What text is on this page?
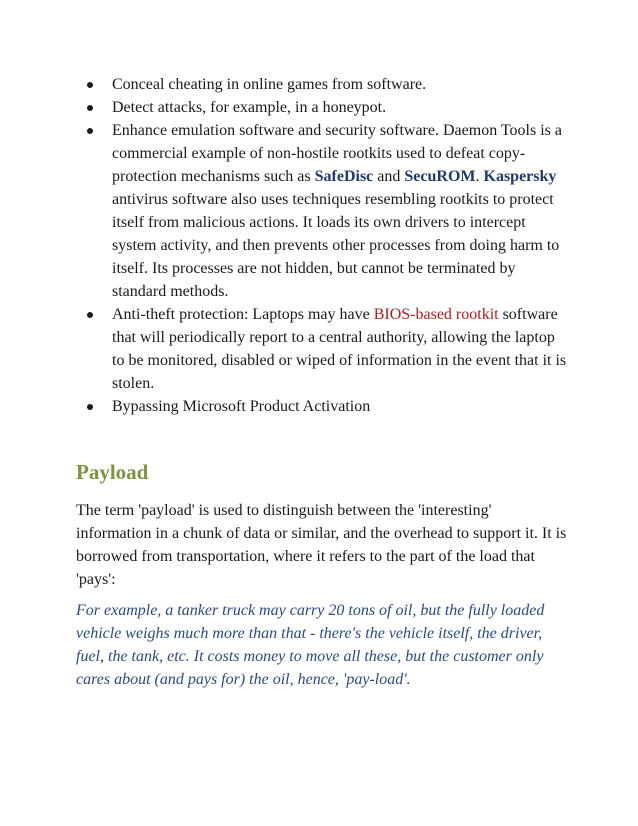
Conceal cheating in online games from software.
Detect attacks, for example, in a honeypot.
Enhance emulation software and security software. Daemon Tools is a commercial example of non-hostile rootkits used to defeat copy-protection mechanisms such as SafeDisc and SecuROM. Kaspersky antivirus software also uses techniques resembling rootkits to protect itself from malicious actions. It loads its own drivers to intercept system activity, and then prevents other processes from doing harm to itself. Its processes are not hidden, but cannot be terminated by standard methods.
Anti-theft protection: Laptops may have BIOS-based rootkit software that will periodically report to a central authority, allowing the laptop to be monitored, disabled or wiped of information in the event that it is stolen.
Bypassing Microsoft Product Activation
Payload

The term 'payload' is used to distinguish between the 'interesting' information in a chunk of data or similar, and the overhead to support it. It is borrowed from transportation, where it refers to the part of the load that 'pays':

For example, a tanker truck may carry 20 tons of oil, but the fully loaded vehicle weighs much more than that - there's the vehicle itself, the driver, fuel, the tank, etc. It costs money to move all these, but the customer only cares about (and pays for) the oil, hence, 'pay-load'.
